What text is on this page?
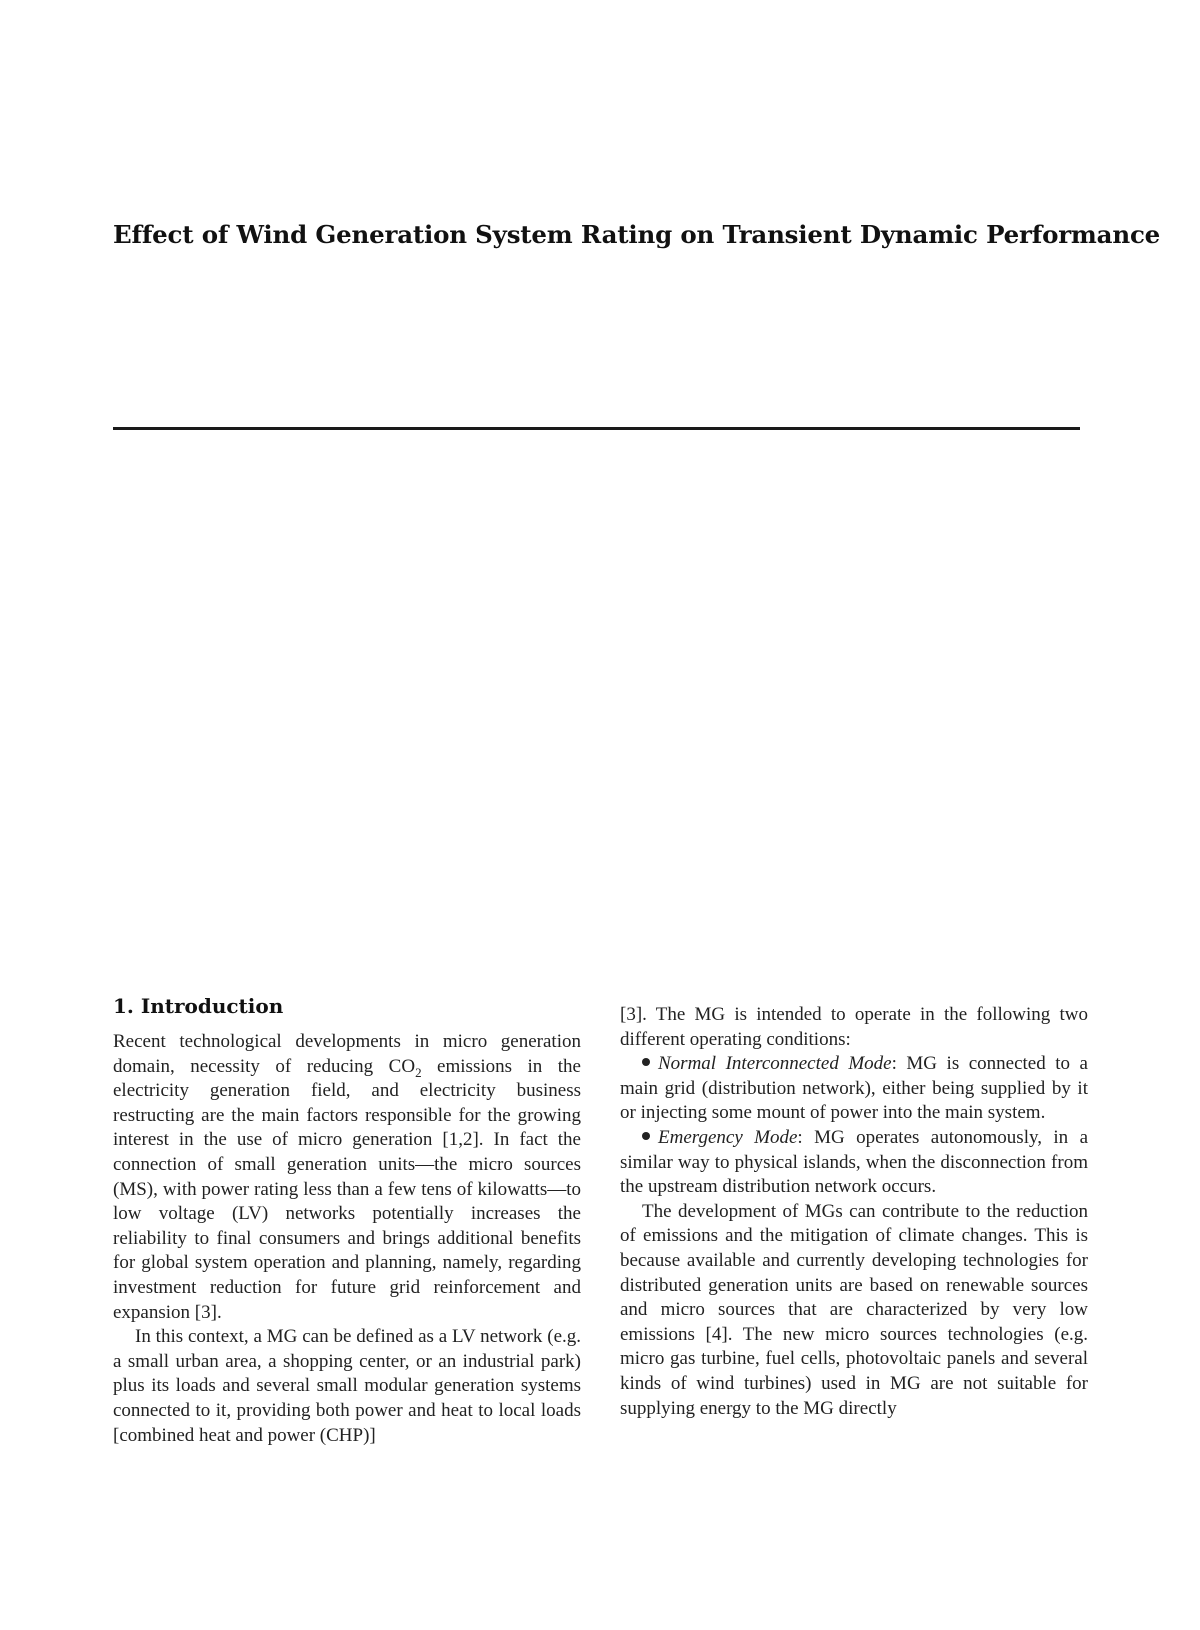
Effect of Wind Generation System Rating on Transient Dynamic Performance
1. Introduction

Recent technological developments in micro generation domain, necessity of reducing $CO_2$ emissions in the electricity generation field, and electricity business restructing are the main factors responsible for the growing interest in the use of micro generation [1,2]. In fact the connection of small generation units—the micro sources (MS), with power rating less than a few tens of kilowatts—to low voltage (LV) networks potentially increases the reliability to final consumers and brings additional benefits for global system operation and planning, namely, regarding investment reduction for future grid reinforcement and expansion [3].

In this context, a MG can be defined as a LV network (e.g. a small urban area, a shopping center, or an industrial park) plus its loads and several small modular generation systems connected to it, providing both power and heat to local loads [combined heat and power (CHP)]

[3]. The MG is intended to operate in the following two different operating conditions:

Normal Interconnected Mode: MG is connected to a main grid (distribution network), either being supplied by it or injecting some mount of power into the main system.

Emergency Mode: MG operates autonomously, in a similar way to physical islands, when the disconnection from the upstream distribution network occurs.

The development of MGs can contribute to the reduction of emissions and the mitigation of climate changes. This is because available and currently developing technologies for distributed generation units are based on renewable sources and micro sources that are characterized by very low emissions [4]. The new micro sources technologies (e.g. micro gas turbine, fuel cells, photovoltaic panels and several kinds of wind turbines) used in MG are not suitable for supplying energy to the MG directly
